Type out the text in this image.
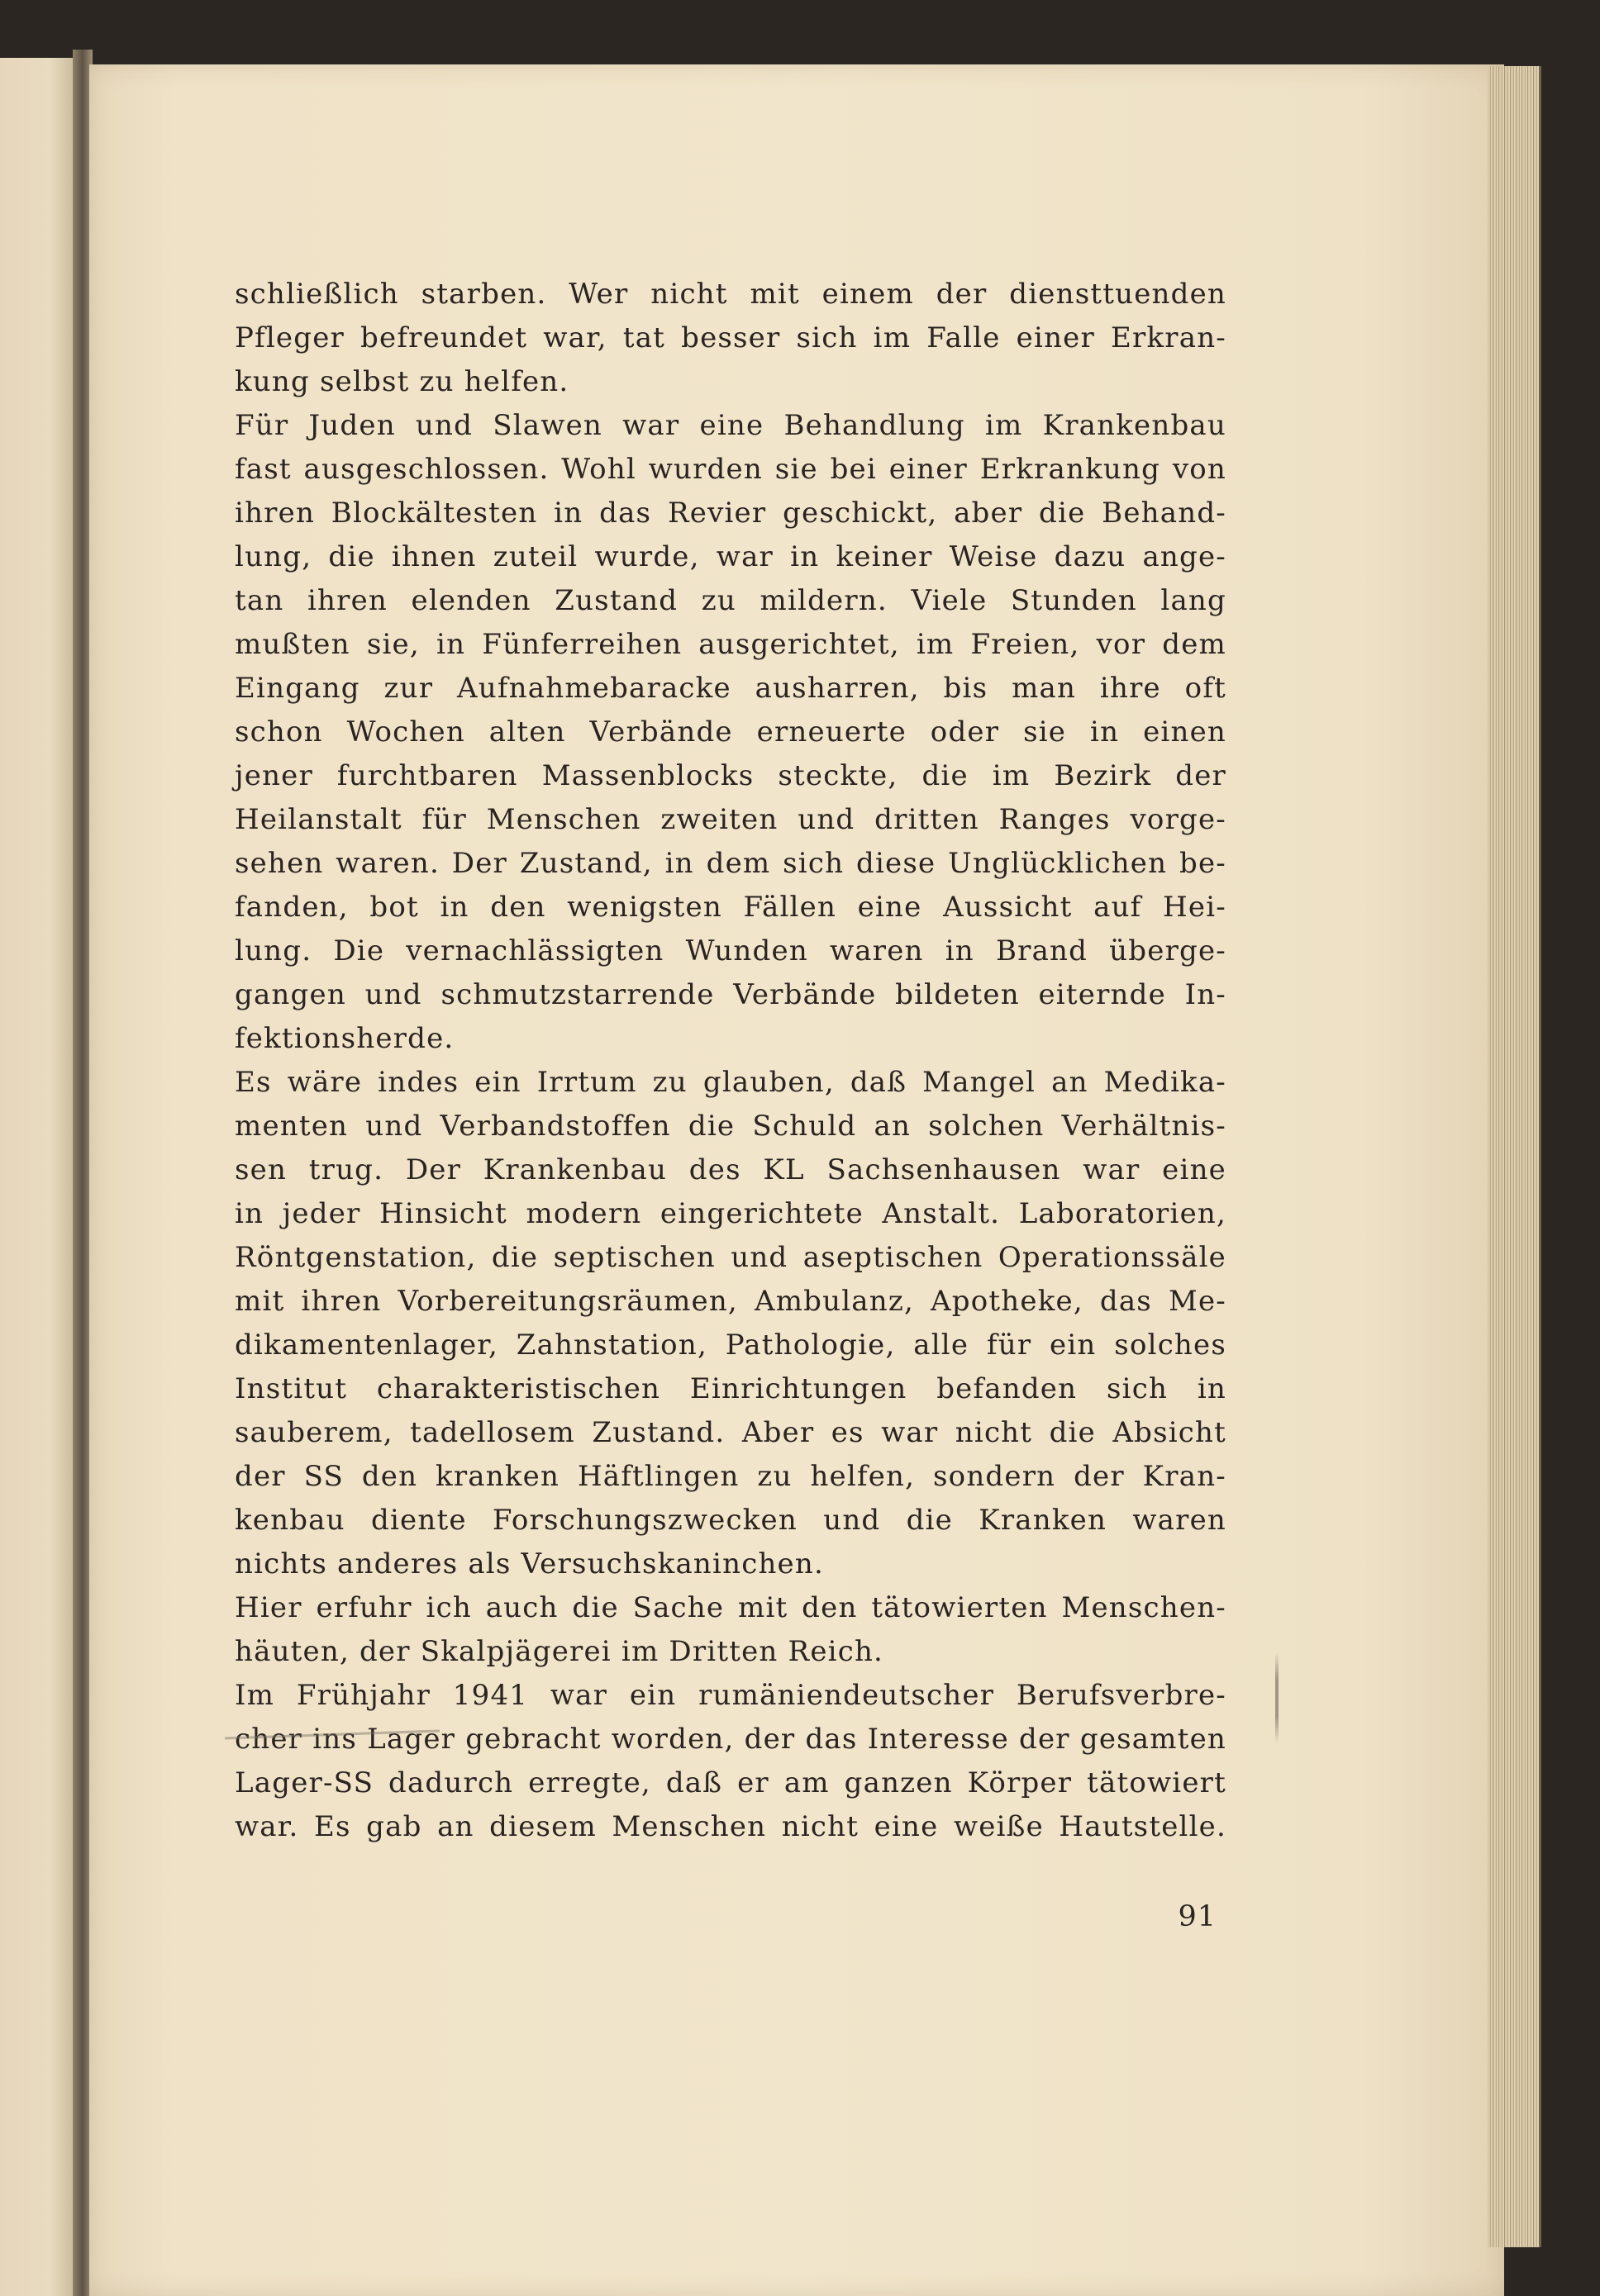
schließlich starben. Wer nicht mit einem der diensttuenden
Pfleger befreundet war, tat besser sich im Falle einer Erkran-
kung selbst zu helfen.
Für Juden und Slawen war eine Behandlung im Krankenbau
fast ausgeschlossen. Wohl wurden sie bei einer Erkrankung von
ihren Blockältesten in das Revier geschickt, aber die Behand-
lung, die ihnen zuteil wurde, war in keiner Weise dazu ange-
tan ihren elenden Zustand zu mildern. Viele Stunden lang
mußten sie, in Fünferreihen ausgerichtet, im Freien, vor dem
Eingang zur Aufnahmebaracke ausharren, bis man ihre oft
schon Wochen alten Verbände erneuerte oder sie in einen
jener furchtbaren Massenblocks steckte, die im Bezirk der
Heilanstalt für Menschen zweiten und dritten Ranges vorge-
sehen waren. Der Zustand, in dem sich diese Unglücklichen be-
fanden, bot in den wenigsten Fällen eine Aussicht auf Hei-
lung. Die vernachlässigten Wunden waren in Brand überge-
gangen und schmutzstarrende Verbände bildeten eiternde In-
fektionsherde.
Es wäre indes ein Irrtum zu glauben, daß Mangel an Medika-
menten und Verbandstoffen die Schuld an solchen Verhältnis-
sen trug. Der Krankenbau des KL Sachsenhausen war eine
in jeder Hinsicht modern eingerichtete Anstalt. Laboratorien,
Röntgenstation, die septischen und aseptischen Operationssäle
mit ihren Vorbereitungsräumen, Ambulanz, Apotheke, das Me-
dikamentenlager, Zahnstation, Pathologie, alle für ein solches
Institut charakteristischen Einrichtungen befanden sich in
sauberem, tadellosem Zustand. Aber es war nicht die Absicht
der SS den kranken Häftlingen zu helfen, sondern der Kran-
kenbau diente Forschungszwecken und die Kranken waren
nichts anderes als Versuchskaninchen.
Hier erfuhr ich auch die Sache mit den tätowierten Menschen-
häuten, der Skalpjägerei im Dritten Reich.
Im Frühjahr 1941 war ein rumäniendeutscher Berufsverbre-
cher ins Lager gebracht worden, der das Interesse der gesamten
Lager-SS dadurch erregte, daß er am ganzen Körper tätowiert
war. Es gab an diesem Menschen nicht eine weiße Hautstelle.
91
